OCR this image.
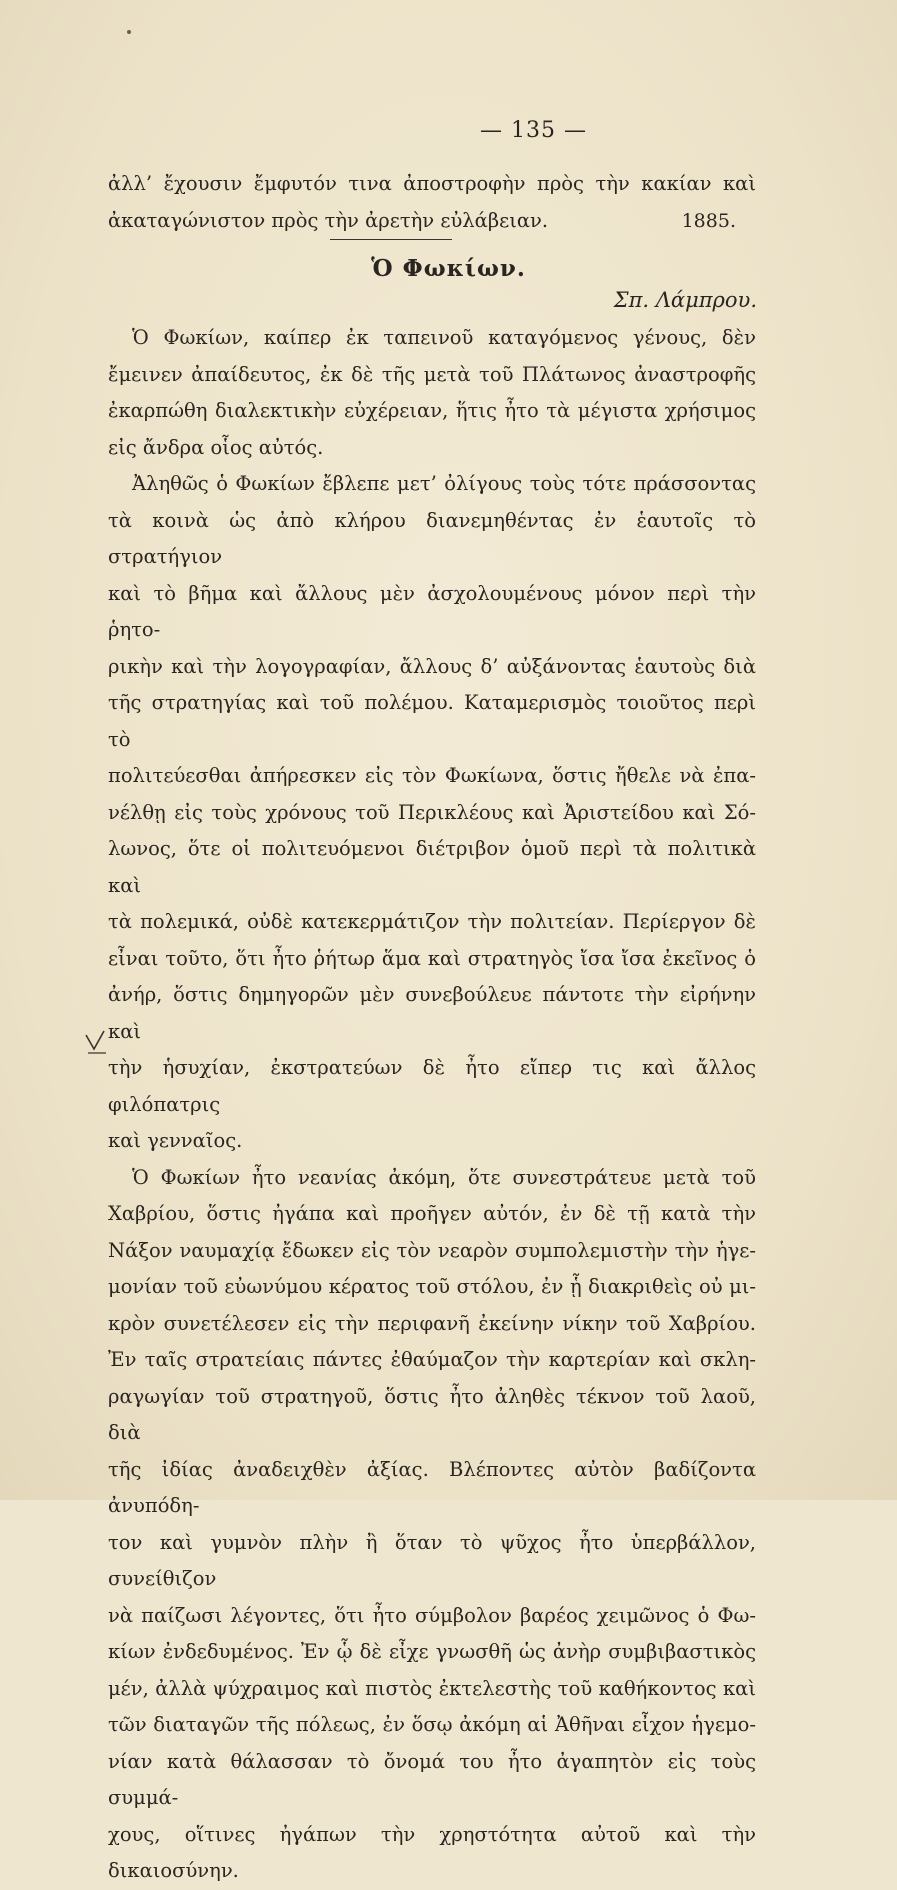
— 135 —
ἀλλ’ ἔχουσιν ἔμφυτόν τινα ἀποστροφὴν πρὸς τὴν κακίαν καὶ
ἀκαταγώνιστον πρὸς τὴν ἀρετὴν εὐλάβειαν.	1885.
Ὁ Φωκίων.
Σπ. Λάμπρου.
Ὁ Φωκίων, καίπερ ἐκ ταπεινοῦ καταγόμενος γένους, δὲν
ἔμεινεν ἀπαίδευτος, ἐκ δὲ τῆς μετὰ τοῦ Πλάτωνος ἀναστροφῆς
ἐκαρπώθη διαλεκτικὴν εὐχέρειαν, ἥτις ἦτο τὰ μέγιστα χρήσιμος
εἰς ἄνδρα οἷος αὐτός.
Ἀληθῶς ὁ Φωκίων ἔβλεπε μετ’ ὀλίγους τοὺς τότε πράσσοντας
τὰ κοινὰ ὡς ἀπὸ κλήρου διανεμηθέντας ἐν ἑαυτοῖς τὸ στρατήγιον
καὶ τὸ βῆμα καὶ ἄλλους μὲν ἀσχολουμένους μόνον περὶ τὴν ῥητο-
ρικὴν καὶ τὴν λογογραφίαν, ἄλλους δ’ αὐξάνοντας ἑαυτοὺς διὰ
τῆς στρατηγίας καὶ τοῦ πολέμου. Καταμερισμὸς τοιοῦτος περὶ τὸ
πολιτεύεσθαι ἀπήρεσκεν εἰς τὸν Φωκίωνα, ὅστις ἤθελε νὰ ἐπα-
νέλθῃ εἰς τοὺς χρόνους τοῦ Περικλέους καὶ Ἀριστείδου καὶ Σό-
λωνος, ὅτε οἱ πολιτευόμενοι διέτριβον ὁμοῦ περὶ τὰ πολιτικὰ καὶ
τὰ πολεμικά, οὐδὲ κατεκερμάτιζον τὴν πολιτείαν. Περίεργον δὲ
εἶναι τοῦτο, ὅτι ἦτο ῥήτωρ ἅμα καὶ στρατηγὸς ἴσα ἴσα ἐκεῖνος ὁ
ἀνήρ, ὅστις δημηγορῶν μὲν συνεβούλευε πάντοτε τὴν εἰρήνην καὶ
τὴν ἡσυχίαν, ἐκστρατεύων δὲ ἦτο εἴπερ τις καὶ ἄλλος φιλόπατρις
καὶ γενναῖος.
Ὁ Φωκίων ἦτο νεανίας ἀκόμη, ὅτε συνεστράτευε μετὰ τοῦ
Χαβρίου, ὅστις ἠγάπα καὶ προῆγεν αὐτόν, ἐν δὲ τῇ κατὰ τὴν
Νάξον ναυμαχίᾳ ἔδωκεν εἰς τὸν νεαρὸν συμπολεμιστὴν τὴν ἡγε-
μονίαν τοῦ εὐωνύμου κέρατος τοῦ στόλου, ἐν ᾗ διακριθεὶς οὐ μι-
κρὸν συνετέλεσεν εἰς τὴν περιφανῆ ἐκείνην νίκην τοῦ Χαβρίου.
Ἐν ταῖς στρατείαις πάντες ἐθαύμαζον τὴν καρτερίαν καὶ σκλη-
ραγωγίαν τοῦ στρατηγοῦ, ὅστις ἦτο ἀληθὲς τέκνον τοῦ λαοῦ, διὰ
τῆς ἰδίας ἀναδειχθὲν ἀξίας. Βλέποντες αὐτὸν βαδίζοντα ἀνυπόδη-
τον καὶ γυμνὸν πλὴν ἢ ὅταν τὸ ψῦχος ἦτο ὑπερβάλλον, συνείθιζον
νὰ παίζωσι λέγοντες, ὅτι ἦτο σύμβολον βαρέος χειμῶνος ὁ Φω-
κίων ἐνδεδυμένος. Ἐν ᾧ δὲ εἶχε γνωσθῆ ὡς ἀνὴρ συμβιβαστικὸς
μέν, ἀλλὰ ψύχραιμος καὶ πιστὸς ἐκτελεστὴς τοῦ καθήκοντος καὶ
τῶν διαταγῶν τῆς πόλεως, ἐν ὅσῳ ἀκόμη αἱ Ἀθῆναι εἶχον ἡγεμο-
νίαν κατὰ θάλασσαν τὸ ὄνομά του ἦτο ἀγαπητὸν εἰς τοὺς συμμά-
χους, οἵτινες ἠγάπων τὴν χρηστότητα αὐτοῦ καὶ τὴν δικαιοσύνην.
